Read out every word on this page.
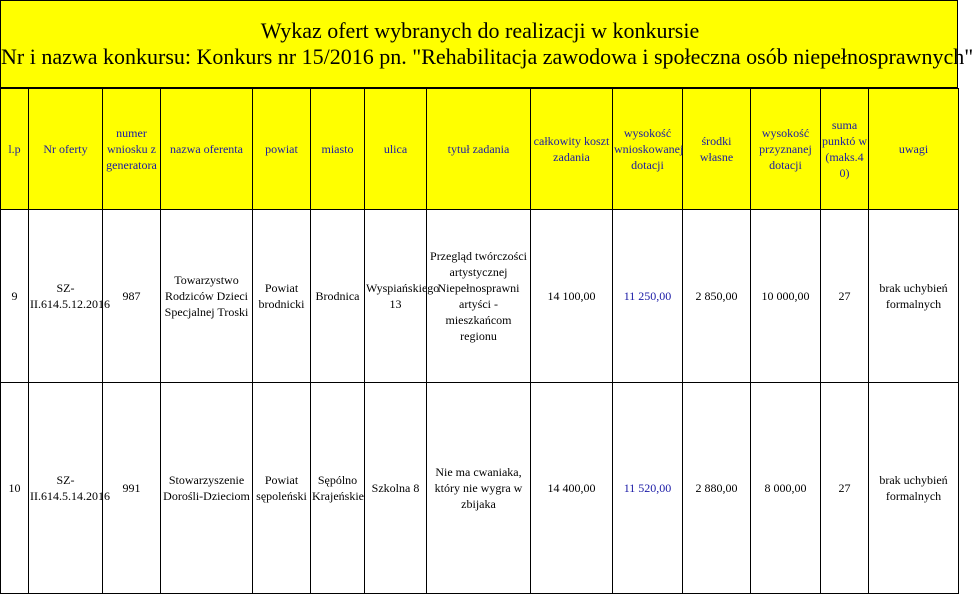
Wykaz ofert wybranych do realizacji w konkursie
Nr i nazwa konkursu: Konkurs nr 15/2016 pn. "Rehabilitacja zawodowa i społeczna osób niepełnosprawnych"
l.p	Nr oferty	numer wniosku z generatora	nazwa oferenta	powiat	miasto	ulica	tytuł zadania	całkowity koszt zadania	wysokość wnioskowanej dotacji	środki własne	wysokość przyznanej dotacji	suma punktó w (maks.4 0)	uwagi
9	SZ-II.614.5.12.2016	987	Towarzystwo Rodziców Dzieci Specjalnej Troski	Powiat brodnicki	Brodnica	Wyspiańskiego 13	Przegląd twórczości artystycznej Niepełnosprawni artyści - mieszkańcom regionu	14 100,00	11 250,00	2 850,00	10 000,00	27	brak uchybień formalnych
10	SZ-II.614.5.14.2016	991	Stowarzyszenie Dorośli-Dzieciom	Powiat sępoleński	Sępólno Krajeńskie	Szkolna 8	Nie ma cwaniaka, który nie wygra w zbijaka	14 400,00	11 520,00	2 880,00	8 000,00	27	brak uchybień formalnych
